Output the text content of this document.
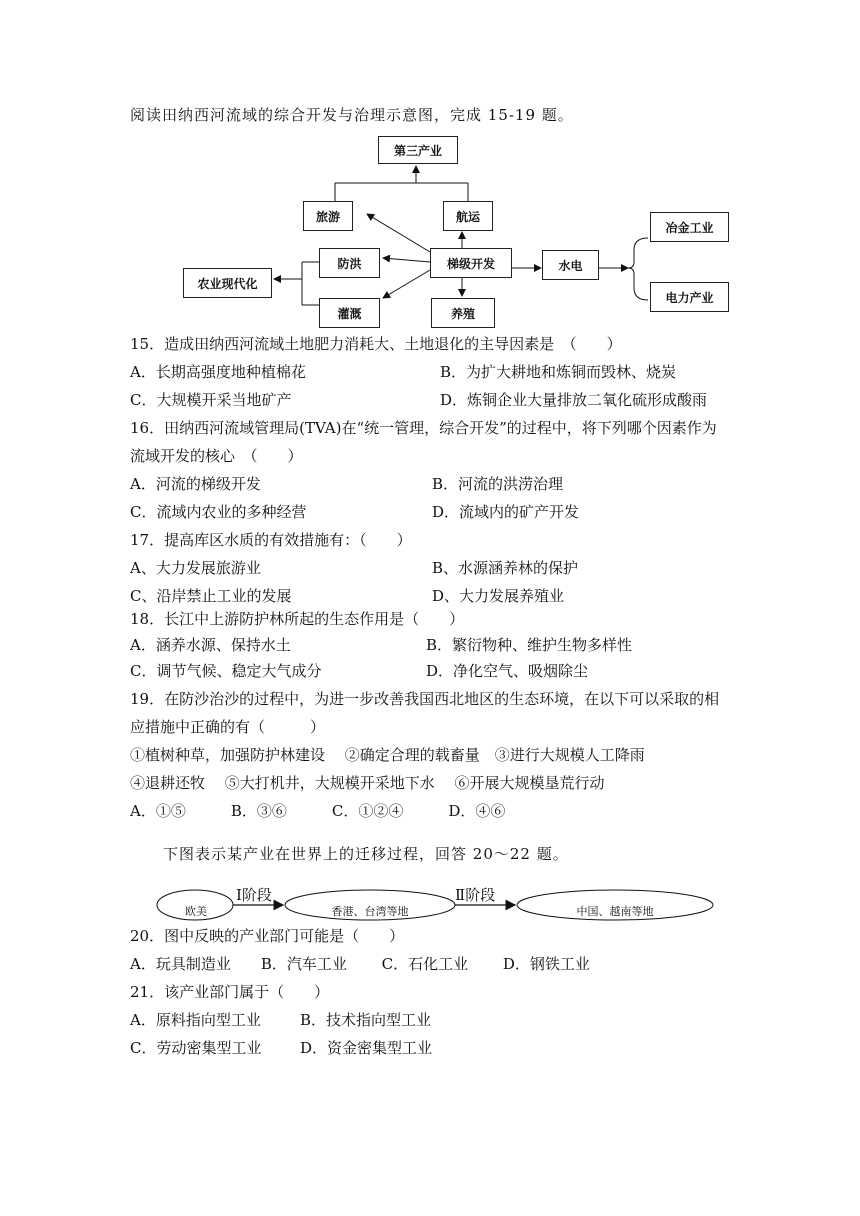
阅读田纳西河流域的综合开发与治理示意图，完成 15-19 题。
第三产业
旅游	航运
防洪	梯级开发	水电
冶金工业
电力产业
农业现代化
灌溉	养殖
15．造成田纳西河流域土地肥力消耗大、土地退化的主导因素是　（　　）
A．长期高强度地种植棉花	B．为扩大耕地和炼铜而毁林、烧炭
C．大规模开采当地矿产	D．炼铜企业大量排放二氧化硫形成酸雨
16．田纳西河流域管理局(TVA)在“统一管理，综合开发”的过程中，将下列哪个因素作为
流域开发的核心　（　　）
A．河流的梯级开发	B．河流的洪涝治理
C．流域内农业的多种经营	D．流域内的矿产开发
17．提高库区水质的有效措施有：（　　）
A、大力发展旅游业	B、水源涵养林的保护
C、沿岸禁止工业的发展	D、大力发展养殖业
18．长江中上游防护林所起的生态作用是（　　）
A．涵养水源、保持水土	B．繁衍物种、维护生物多样性
C．调节气候、稳定大气成分	D．净化空气、吸烟除尘
19．在防沙治沙的过程中，为进一步改善我国西北地区的生态环境，在以下可以采取的相
应措施中正确的有（　　　）
①植树种草，加强防护林建设　 ②确定合理的载畜量　③进行大规模人工降雨
④退耕还牧　 ⑤大打机井，大规模开采地下水　 ⑥开展大规模垦荒行动
A．①⑤　　　B．③⑥　　　C．①②④　　　D．④⑥
下图表示某产业在世界上的迁移过程，回答 20～22 题。
欧美
Ⅰ阶段
香港、台湾等地
Ⅱ阶段
中国、越南等地
20．图中反映的产业部门可能是（　　）
A．玩具制造业　　B．汽车工业　　 C．石化工业　　 D．钢铁工业
21．该产业部门属于（　　）
A．原料指向型工业	B．技术指向型工业
C．劳动密集型工业	D．资金密集型工业
